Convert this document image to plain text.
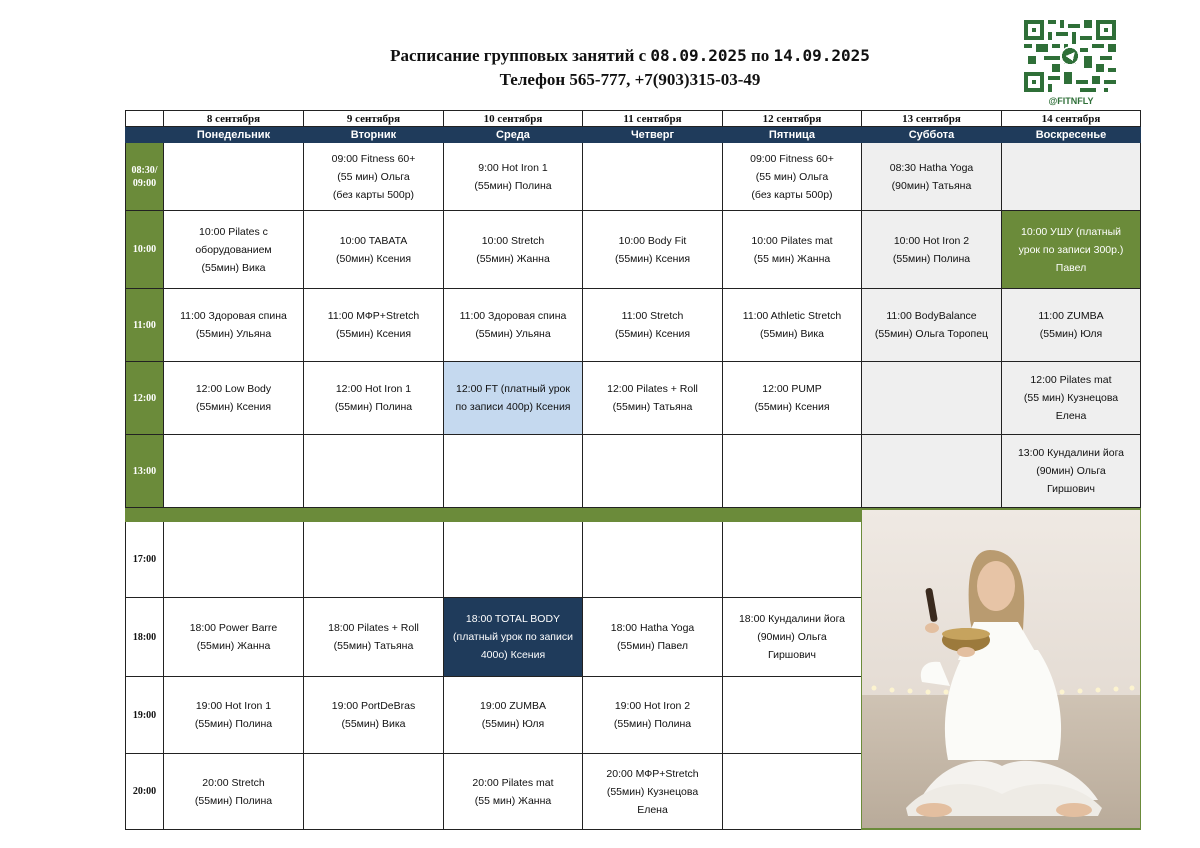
Расписание групповых занятий с 08.09.2025 по 14.09.2025
Телефон 565-777, +7(903)315-03-49
@FITNFLY
	8 сентября	9 сентября	10 сентября	11 сентября	12 сентября	13 сентября	14 сентября
	Понедельник	Вторник	Среда	Четверг	Пятница	Суббота	Воскресенье
08:30/
09:00		09:00 Fitness 60+
(55 мин) Ольга
(без карты 500р)	9:00 Hot Iron 1
(55мин) Полина		09:00 Fitness 60+
(55 мин) Ольга
(без карты 500р)	08:30 Hatha Yoga
(90мин) Татьяна	
10:00	10:00 Pilates с
оборудованием
(55мин) Вика	10:00 TABATA
(50мин) Ксения	10:00 Stretch
(55мин) Жанна	10:00 Body Fit
(55мин) Ксения	10:00 Pilates mat
(55 мин) Жанна	10:00 Hot Iron 2
(55мин) Полина	10:00 УШУ (платный
урок по записи 300р.)
Павел
11:00	11:00 Здоровая спина
(55мин) Ульяна	11:00 МФР+Stretch
(55мин) Ксения	11:00 Здоровая спина
(55мин) Ульяна	11:00 Stretch
(55мин) Ксения	11:00 Athletic Stretch
(55мин) Вика	11:00 BodyBalance
(55мин) Ольга Торопец	11:00 ZUMBA
(55мин) Юля
12:00	12:00 Low Body
(55мин) Ксения	12:00 Hot Iron 1
(55мин) Полина	12:00 FT (платный урок
по записи 400р) Ксения	12:00 Pilates + Roll
(55мин) Татьяна	12:00 PUMP
(55мин) Ксения		12:00 Pilates mat
(55 мин) Кузнецова
Елена
13:00							13:00 Кундалини йога
(90мин) Ольга
Гиршович

17:00							
18:00	18:00 Power Barre
(55мин) Жанна	18:00 Pilates + Roll
(55мин) Татьяна	18:00 TOTAL BODY
(платный урок по записи
400о) Ксения	18:00 Hatha Yoga
(55мин) Павел	18:00 Кундалини йога
(90мин) Ольга
Гиршович		
19:00	19:00 Hot Iron 1
(55мин) Полина	19:00 PortDeBras
(55мин) Вика	19:00 ZUMBA
(55мин) Юля	19:00 Hot Iron 2
(55мин) Полина			
20:00	20:00 Stretch
(55мин) Полина		20:00 Pilates mat
(55 мин) Жанна	20:00 МФР+Stretch
(55мин) Кузнецова
Елена			
